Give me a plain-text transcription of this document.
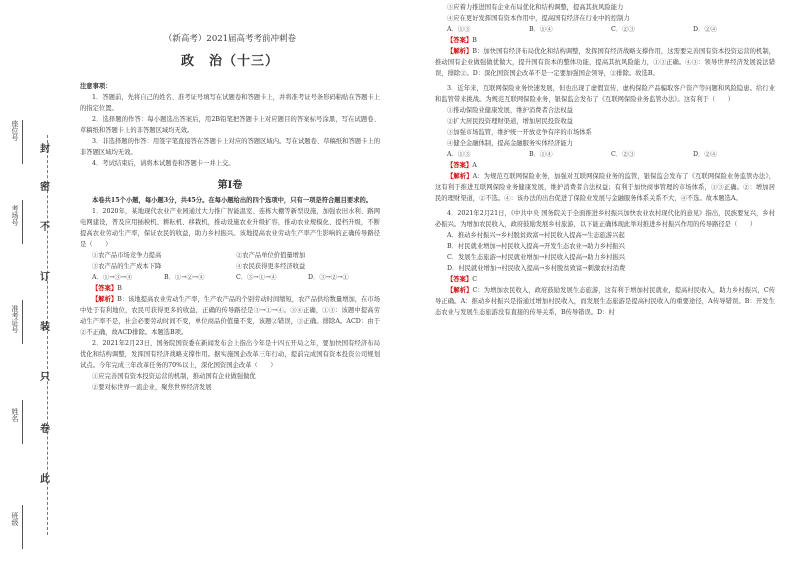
座位号
考场号
准考证号
姓名
班级
封
密
不
订
装
只
卷
此
（新高考）2021届高考考前冲刺卷
政　治（十三）

注意事项：

1．答题前，先将自己的姓名、准考证号填写在试题卷和答题卡上，并将准考证号条形码粘贴在答题卡上的指定位置。

2．选择题的作答：每小题选出答案后，用2B铅笔把答题卡上对应题目的答案标号涂黑，写在试题卷、草稿纸和答题卡上的非答题区域均无效。

3．非选择题的作答：用签字笔直接答在答题卡上对应的答题区域内。写在试题卷、草稿纸和答题卡上的非答题区域均无效。

4．考试结束后，请将本试题卷和答题卡一并上交。

第Ⅰ卷

本卷共15个小题，每小题3分，共45分。在每小题给出的四个选项中，只有一项是符合题目要求的。

1．2020年，某地现代农业产业园通过大力推广智能温室、连栋大棚等新型设施，加强农田水利、路网电网建设，普及应用插秧机、耕耘机、移栽机，推动设施农业升级扩容，推动农业规模化、提档升级，不断提高农业劳动生产率，保证农民的收益，助力乡村振兴。该地提高农业劳动生产率产生影响的正确传导路径是（　　）

①农产品市场竞争力提高	②农产品单位价值量增加
③农产品的生产成本下降	④农民获得更多经济收益
A．①→③→④	B．①→②→④	C．③→①→④	D．③→②→①

【答案】B

【解析】B：该地提高农业劳动生产率，生产农产品的个别劳动时间缩短，农产品供给数量增加，在市场中处于有利地位，农民可获得更多的收益，正确的传导路径是③→①→④。③④正确，①③：该题中提高劳动生产率不是，社会必要劳动时间不变，单位商品价值量不变，该题②错误，③正确。排除A。ACD：由于②不正确，故ACD排除。本题选B项。

2．2021年2月23日，国务院国资委在新闻发布会上指出今年是十四五开局之年，要加快国有经济布局优化和结构调整，发挥国有经济战略支撑作用。据实施国企改革三年行动，提前完成国有资本投资公司规划试点。今年完成三年改革任务的70%以上，深化国资国企改革（　　）

①应完善国有资本投资运营的机制，推动国有企业做强做优

②要对标世界一流企业，聚焦世界经济发展

③应着力推进国有企业布局优化和结构调整，提高其抗风险能力

④应在更好发挥国有资本作用中，提高国有经济在行业中的控制力

A．①③	B．①④	C．②③	D．②④

【答案】B

【解析】B：加快国有经济布局优化和结构调整，发挥国有经济战略支撑作用，这需要完善国有资本投资运营的机制，推动国有企业做强做优做大，提升国有资本的整体功能，提高其抗风险能力，①③正确。④③：领导世界经济发展说法错误，排除②。D：深化国资国企改革不是一定要加强国企领导，②排除。故选B。

3．近年来，互联网保险业务快速发展，但也出现了虚假宣传、虚构保险产品骗取客户资产等问题和风险隐患。给行业和监管带来挑战。为规范互联网保险业务，银保监会发布了《互联网保险业务监管办法》。这有利于（　　）

①推动保险业健康发展，维护消费者合法权益

②扩大居民投资理财渠道，增加居民投资收益

③加强市场监管，维护统一开放竞争有序的市场体系

④健全金融体制，提高金融服务实体经济能力

A．①③	B．①④	C．②③	D．②④

【答案】A

【解析】A：为规范互联网保险业务，加强对互联网保险业务的监管，银保监会发布了《互联网保险业务监管办法》，这有利于推进互联网保险业务健康发展，维护消费者合法权益；有利于加快商事管理的市场体系，①③正确。②：增加居民的理财渠道，②不选。④：该办法的出台促进了保险业发展与金融服务体系关系不大，④不选。故本题选A。

4．2021年2月21日，《中共中央 国务院关于全面推进乡村振兴加快农业农村现代化的意见》指出，民族要复兴，乡村必振兴。为增加农民收入，政府鼓励发展乡村旅游，以下能正确体现此举对推进乡村振兴作用的传导路径是（　　）

A．推动乡村振兴→乡村脱贫致富→村民收入提高→生态旅游兴起

B．村民就业增加→村民收入提高→开发生态农业→助力乡村振兴

C．发展生态旅游→村民就业增加→村民收入提高→助力乡村振兴

D．村民就业增加→村民收入提高→乡村脱贫致富→刺激农村消费

【答案】C

【解析】C：为增加农民收入，政府鼓励发展生态旅游，这有利于增加村民就业，提高村民收入，助力乡村振兴，C传导正确。A：推动乡村振兴是指通过增加村民收入，而发展生态旅游是提高村民收入的重要途径，A传导错误。B：开发生态农业与发展生态旅游没有直接的传导关系，B传导错误。D：村
